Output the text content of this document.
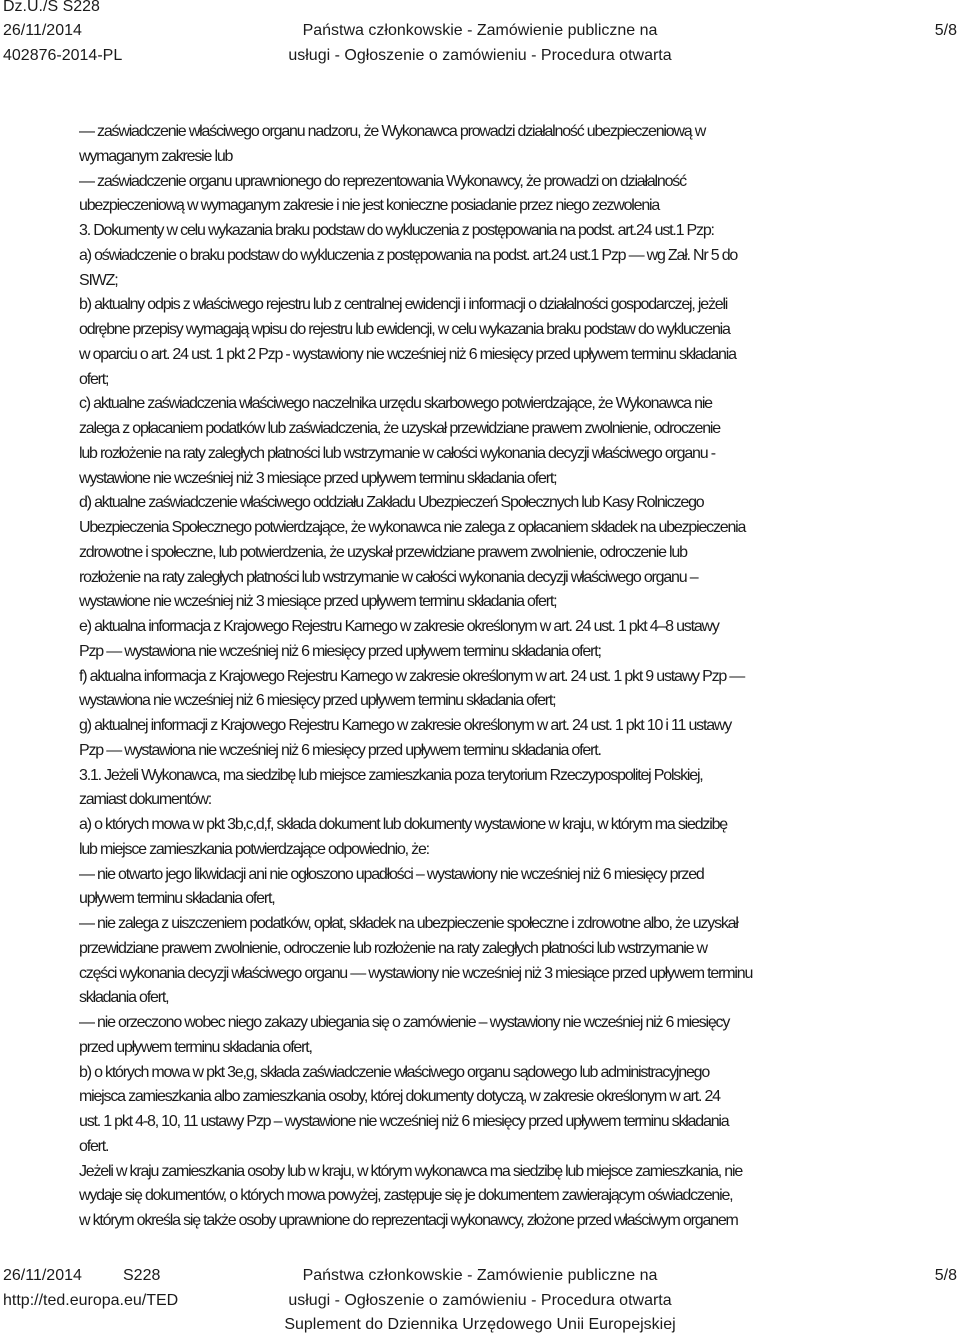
Dz.U./S S228
26/11/2014
402876-2014-PL
Państwa członkowskie - Zamówienie publiczne na
usługi - Ogłoszenie o zamówieniu - Procedura otwarta
5/8

— zaświadczenie właściwego organu nadzoru, że Wykonawca prowadzi działalność ubezpieczeniową w

wymaganym zakresie lub

— zaświadczenie organu uprawnionego do reprezentowania Wykonawcy, że prowadzi on działalność

ubezpieczeniową w wymaganym zakresie i nie jest konieczne posiadanie przez niego zezwolenia

3. Dokumenty w celu wykazania braku podstaw do wykluczenia z postępowania na podst. art.24 ust.1 Pzp:

a) oświadczenie o braku podstaw do wykluczenia z postępowania na podst. art.24 ust.1 Pzp — wg Zał. Nr 5 do

SIWZ;

b) aktualny odpis z właściwego rejestru lub z centralnej ewidencji i informacji o działalności gospodarczej, jeżeli

odrębne przepisy wymagają wpisu do rejestru lub ewidencji, w celu wykazania braku podstaw do wykluczenia

w oparciu o art. 24 ust. 1 pkt 2 Pzp - wystawiony nie wcześniej niż 6 miesięcy przed upływem terminu składania

ofert;

c) aktualne zaświadczenia właściwego naczelnika urzędu skarbowego potwierdzające, że Wykonawca nie

zalega z opłacaniem podatków lub zaświadczenia, że uzyskał przewidziane prawem zwolnienie, odroczenie

lub rozłożenie na raty zaległych płatności lub wstrzymanie w całości wykonania decyzji właściwego organu -

wystawione nie wcześniej niż 3 miesiące przed upływem terminu składania ofert;

d) aktualne zaświadczenie właściwego oddziału Zakładu Ubezpieczeń Społecznych lub Kasy Rolniczego

Ubezpieczenia Społecznego potwierdzające, że wykonawca nie zalega z opłacaniem składek na ubezpieczenia

zdrowotne i społeczne, lub potwierdzenia, że uzyskał przewidziane prawem zwolnienie, odroczenie lub

rozłożenie na raty zaległych płatności lub wstrzymanie w całości wykonania decyzji właściwego organu –

wystawione nie wcześniej niż 3 miesiące przed upływem terminu składania ofert;

e) aktualna informacja z Krajowego Rejestru Karnego w zakresie określonym w art. 24 ust. 1 pkt 4–8 ustawy

Pzp — wystawiona nie wcześniej niż 6 miesięcy przed upływem terminu składania ofert;

f) aktualna informacja z Krajowego Rejestru Karnego w zakresie określonym w art. 24 ust. 1 pkt 9 ustawy Pzp —

wystawiona nie wcześniej niż 6 miesięcy przed upływem terminu składania ofert;

g) aktualnej informacji z Krajowego Rejestru Karnego w zakresie określonym w art. 24 ust. 1 pkt 10 i 11 ustawy

Pzp — wystawiona nie wcześniej niż 6 miesięcy przed upływem terminu składania ofert.

3.1. Jeżeli Wykonawca, ma siedzibę lub miejsce zamieszkania poza terytorium Rzeczypospolitej Polskiej,

zamiast dokumentów:

a) o których mowa w pkt 3b,c,d,f, składa dokument lub dokumenty wystawione w kraju, w którym ma siedzibę

lub miejsce zamieszkania potwierdzające odpowiednio, że:

— nie otwarto jego likwidacji ani nie ogłoszono upadłości – wystawiony nie wcześniej niż 6 miesięcy przed

upływem terminu składania ofert,

— nie zalega z uiszczeniem podatków, opłat, składek na ubezpieczenie społeczne i zdrowotne albo, że uzyskał

przewidziane prawem zwolnienie, odroczenie lub rozłożenie na raty zaległych płatności lub wstrzymanie w

części wykonania decyzji właściwego organu — wystawiony nie wcześniej niż 3 miesiące przed upływem terminu

składania ofert,

— nie orzeczono wobec niego zakazy ubiegania się o zamówienie – wystawiony nie wcześniej niż 6 miesięcy

przed upływem terminu składania ofert,

b) o których mowa w pkt 3e,g, składa zaświadczenie właściwego organu sądowego lub administracyjnego

miejsca zamieszkania albo zamieszkania osoby, której dokumenty dotyczą, w zakresie określonym w art. 24

ust. 1 pkt 4-8, 10, 11 ustawy Pzp – wystawione nie wcześniej niż 6 miesięcy przed upływem terminu składania

ofert.

Jeżeli w kraju zamieszkania osoby lub w kraju, w którym wykonawca ma siedzibę lub miejsce zamieszkania, nie

wydaje się dokumentów, o których mowa powyżej, zastępuje się je dokumentem zawierającym oświadczenie,

w którym określa się także osoby uprawnione do reprezentacji wykonawcy, złożone przed właściwym organem

26/11/2014	S228
http://ted.europa.eu/TED
Państwa członkowskie - Zamówienie publiczne na
usługi - Ogłoszenie o zamówieniu - Procedura otwarta
Suplement do Dziennika Urzędowego Unii Europejskiej
5/8
